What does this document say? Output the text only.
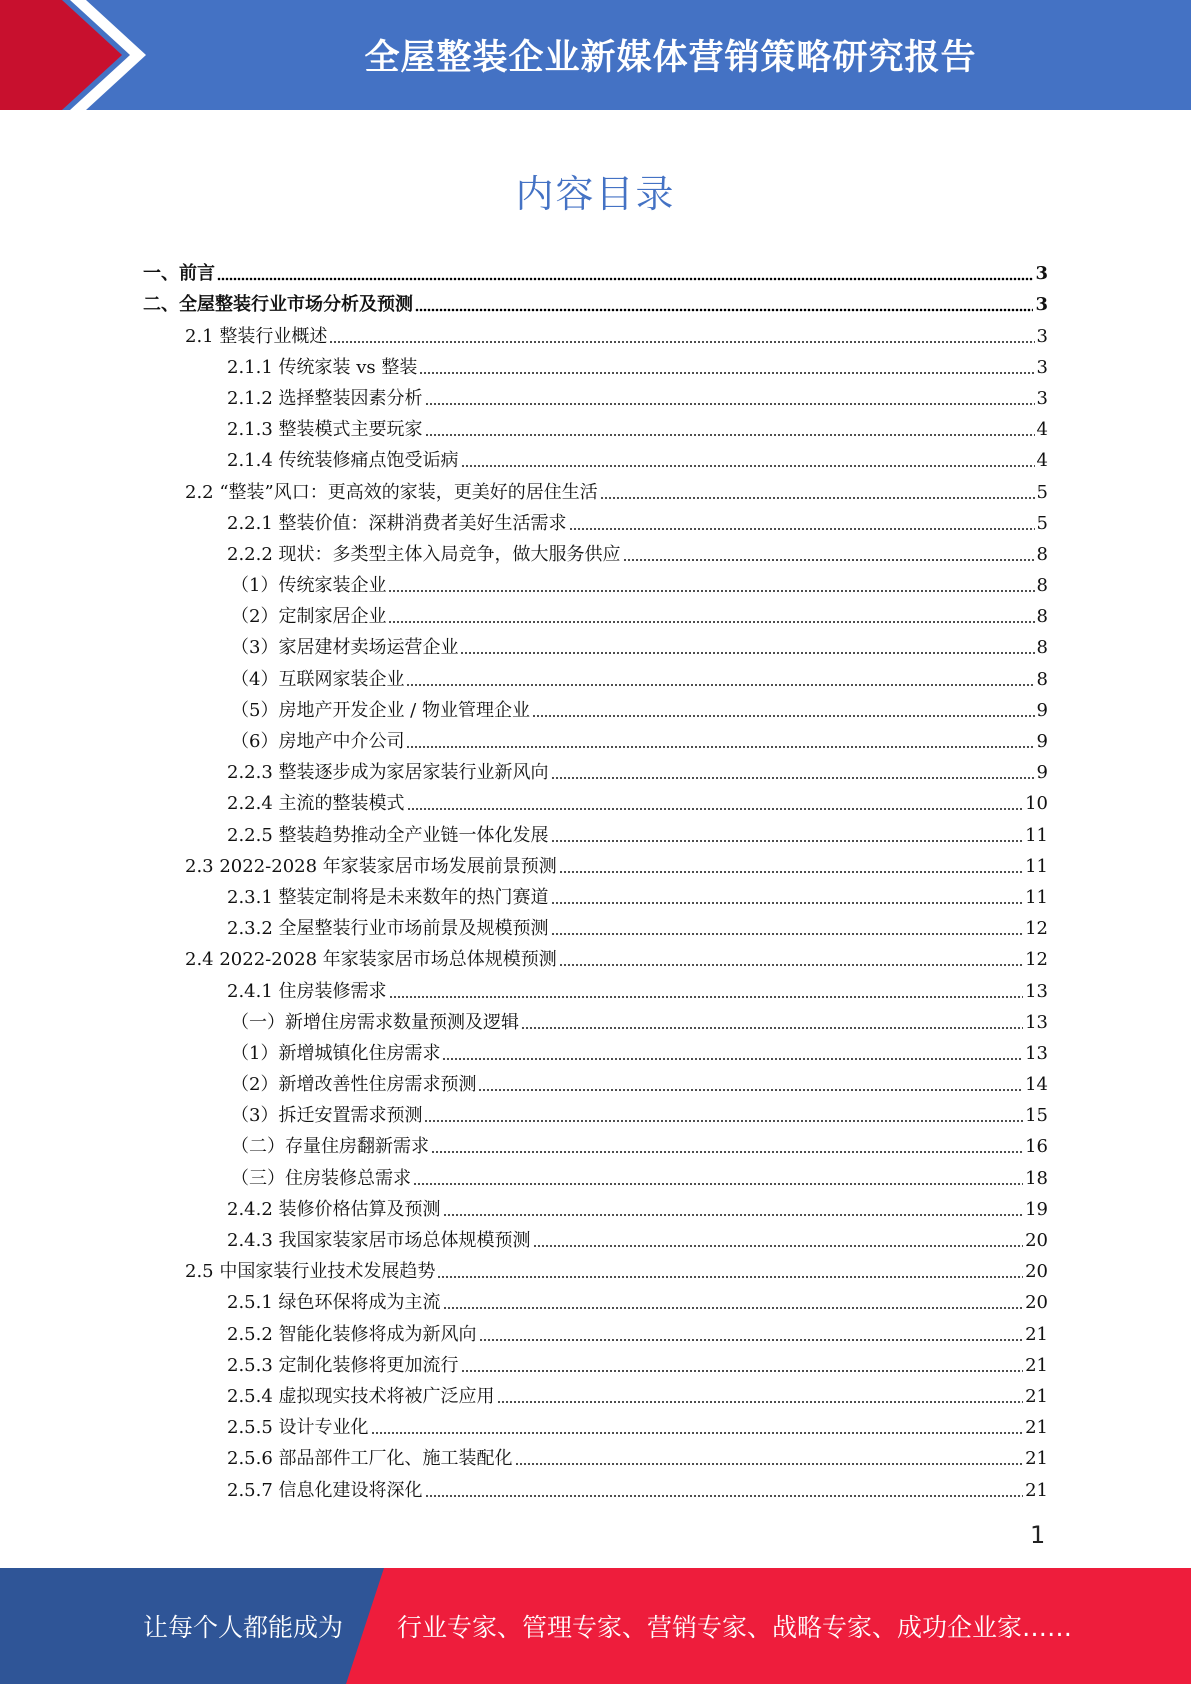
全屋整装企业新媒体营销策略研究报告
内容目录
一、前言	3
二、全屋整装行业市场分析及预测	3
2.1 整装行业概述	3
2.1.1 传统家装 vs 整装	3
2.1.2 选择整装因素分析	3
2.1.3 整装模式主要玩家	4
2.1.4 传统装修痛点饱受诟病	4
2.2 “整装”风口：更高效的家装，更美好的居住生活	5
2.2.1 整装价值：深耕消费者美好生活需求	5
2.2.2 现状：多类型主体入局竞争，做大服务供应	8
（1）传统家装企业	8
（2）定制家居企业	8
（3）家居建材卖场运营企业	8
（4）互联网家装企业	8
（5）房地产开发企业 / 物业管理企业	9
（6）房地产中介公司	9
2.2.3 整装逐步成为家居家装行业新风向	9
2.2.4 主流的整装模式	10
2.2.5 整装趋势推动全产业链一体化发展	11
2.3 2022-2028 年家装家居市场发展前景预测	11
2.3.1 整装定制将是未来数年的热门赛道	11
2.3.2 全屋整装行业市场前景及规模预测	12
2.4 2022-2028 年家装家居市场总体规模预测	12
2.4.1 住房装修需求	13
（一）新增住房需求数量预测及逻辑	13
（1）新增城镇化住房需求	13
（2）新增改善性住房需求预测	14
（3）拆迁安置需求预测	15
（二）存量住房翻新需求	16
（三）住房装修总需求	18
2.4.2 装修价格估算及预测	19
2.4.3 我国家装家居市场总体规模预测	20
2.5 中国家装行业技术发展趋势	20
2.5.1 绿色环保将成为主流	20
2.5.2 智能化装修将成为新风向	21
2.5.3 定制化装修将更加流行	21
2.5.4 虚拟现实技术将被广泛应用	21
2.5.5 设计专业化	21
2.5.6 部品部件工厂化、施工装配化	21
2.5.7 信息化建设将深化	21
1
让每个人都能成为 行业专家、管理专家、营销专家、战略专家、成功企业家……
